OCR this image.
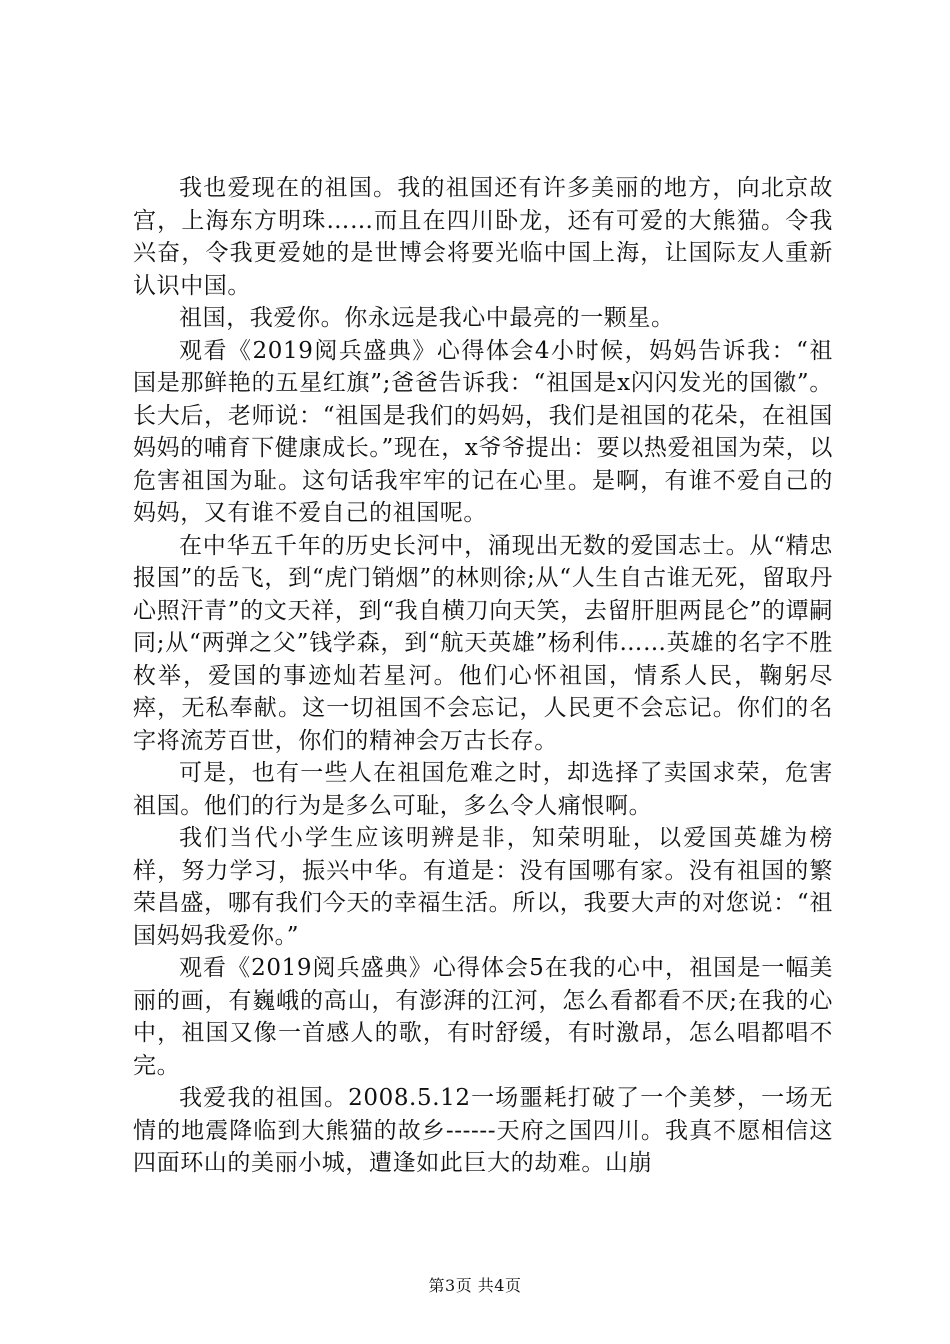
我也爱现在的祖国。我的祖国还有许多美丽的地方，向北京故宫，上海东方明珠……而且在四川卧龙，还有可爱的大熊猫。令我兴奋，令我更爱她的是世博会将要光临中国上海，让国际友人重新认识中国。

祖国，我爱你。你永远是我心中最亮的一颗星。

观看《2019阅兵盛典》心得体会4小时候，妈妈告诉我：“祖国是那鲜艳的五星红旗”;爸爸告诉我：“祖国是x闪闪发光的国徽”。长大后，老师说：“祖国是我们的妈妈，我们是祖国的花朵，在祖国妈妈的哺育下健康成长。”现在，x爷爷提出：要以热爱祖国为荣，以危害祖国为耻。这句话我牢牢的记在心里。是啊，有谁不爱自己的妈妈，又有谁不爱自己的祖国呢。

在中华五千年的历史长河中，涌现出无数的爱国志士。从“精忠报国”的岳飞，到“虎门销烟”的林则徐;从“人生自古谁无死，留取丹心照汗青”的文天祥，到“我自横刀向天笑，去留肝胆两昆仑”的谭嗣同;从“两弹之父”钱学森，到“航天英雄”杨利伟……英雄的名字不胜枚举，爱国的事迹灿若星河。他们心怀祖国，情系人民，鞠躬尽瘁，无私奉献。这一切祖国不会忘记，人民更不会忘记。你们的名字将流芳百世，你们的精神会万古长存。

可是，也有一些人在祖国危难之时，却选择了卖国求荣，危害祖国。他们的行为是多么可耻，多么令人痛恨啊。

我们当代小学生应该明辨是非，知荣明耻，以爱国英雄为榜样，努力学习，振兴中华。有道是：没有国哪有家。没有祖国的繁荣昌盛，哪有我们今天的幸福生活。所以，我要大声的对您说：“祖国妈妈我爱你。”

观看《2019阅兵盛典》心得体会5在我的心中，祖国是一幅美丽的画，有巍峨的高山，有澎湃的江河，怎么看都看不厌;在我的心中，祖国又像一首感人的歌，有时舒缓，有时激昂，怎么唱都唱不完。

我爱我的祖国。2008.5.12一场噩耗打破了一个美梦，一场无情的地震降临到大熊猫的故乡------天府之国四川。我真不愿相信这四面环山的美丽小城，遭逢如此巨大的劫难。山崩

第3页 共4页
